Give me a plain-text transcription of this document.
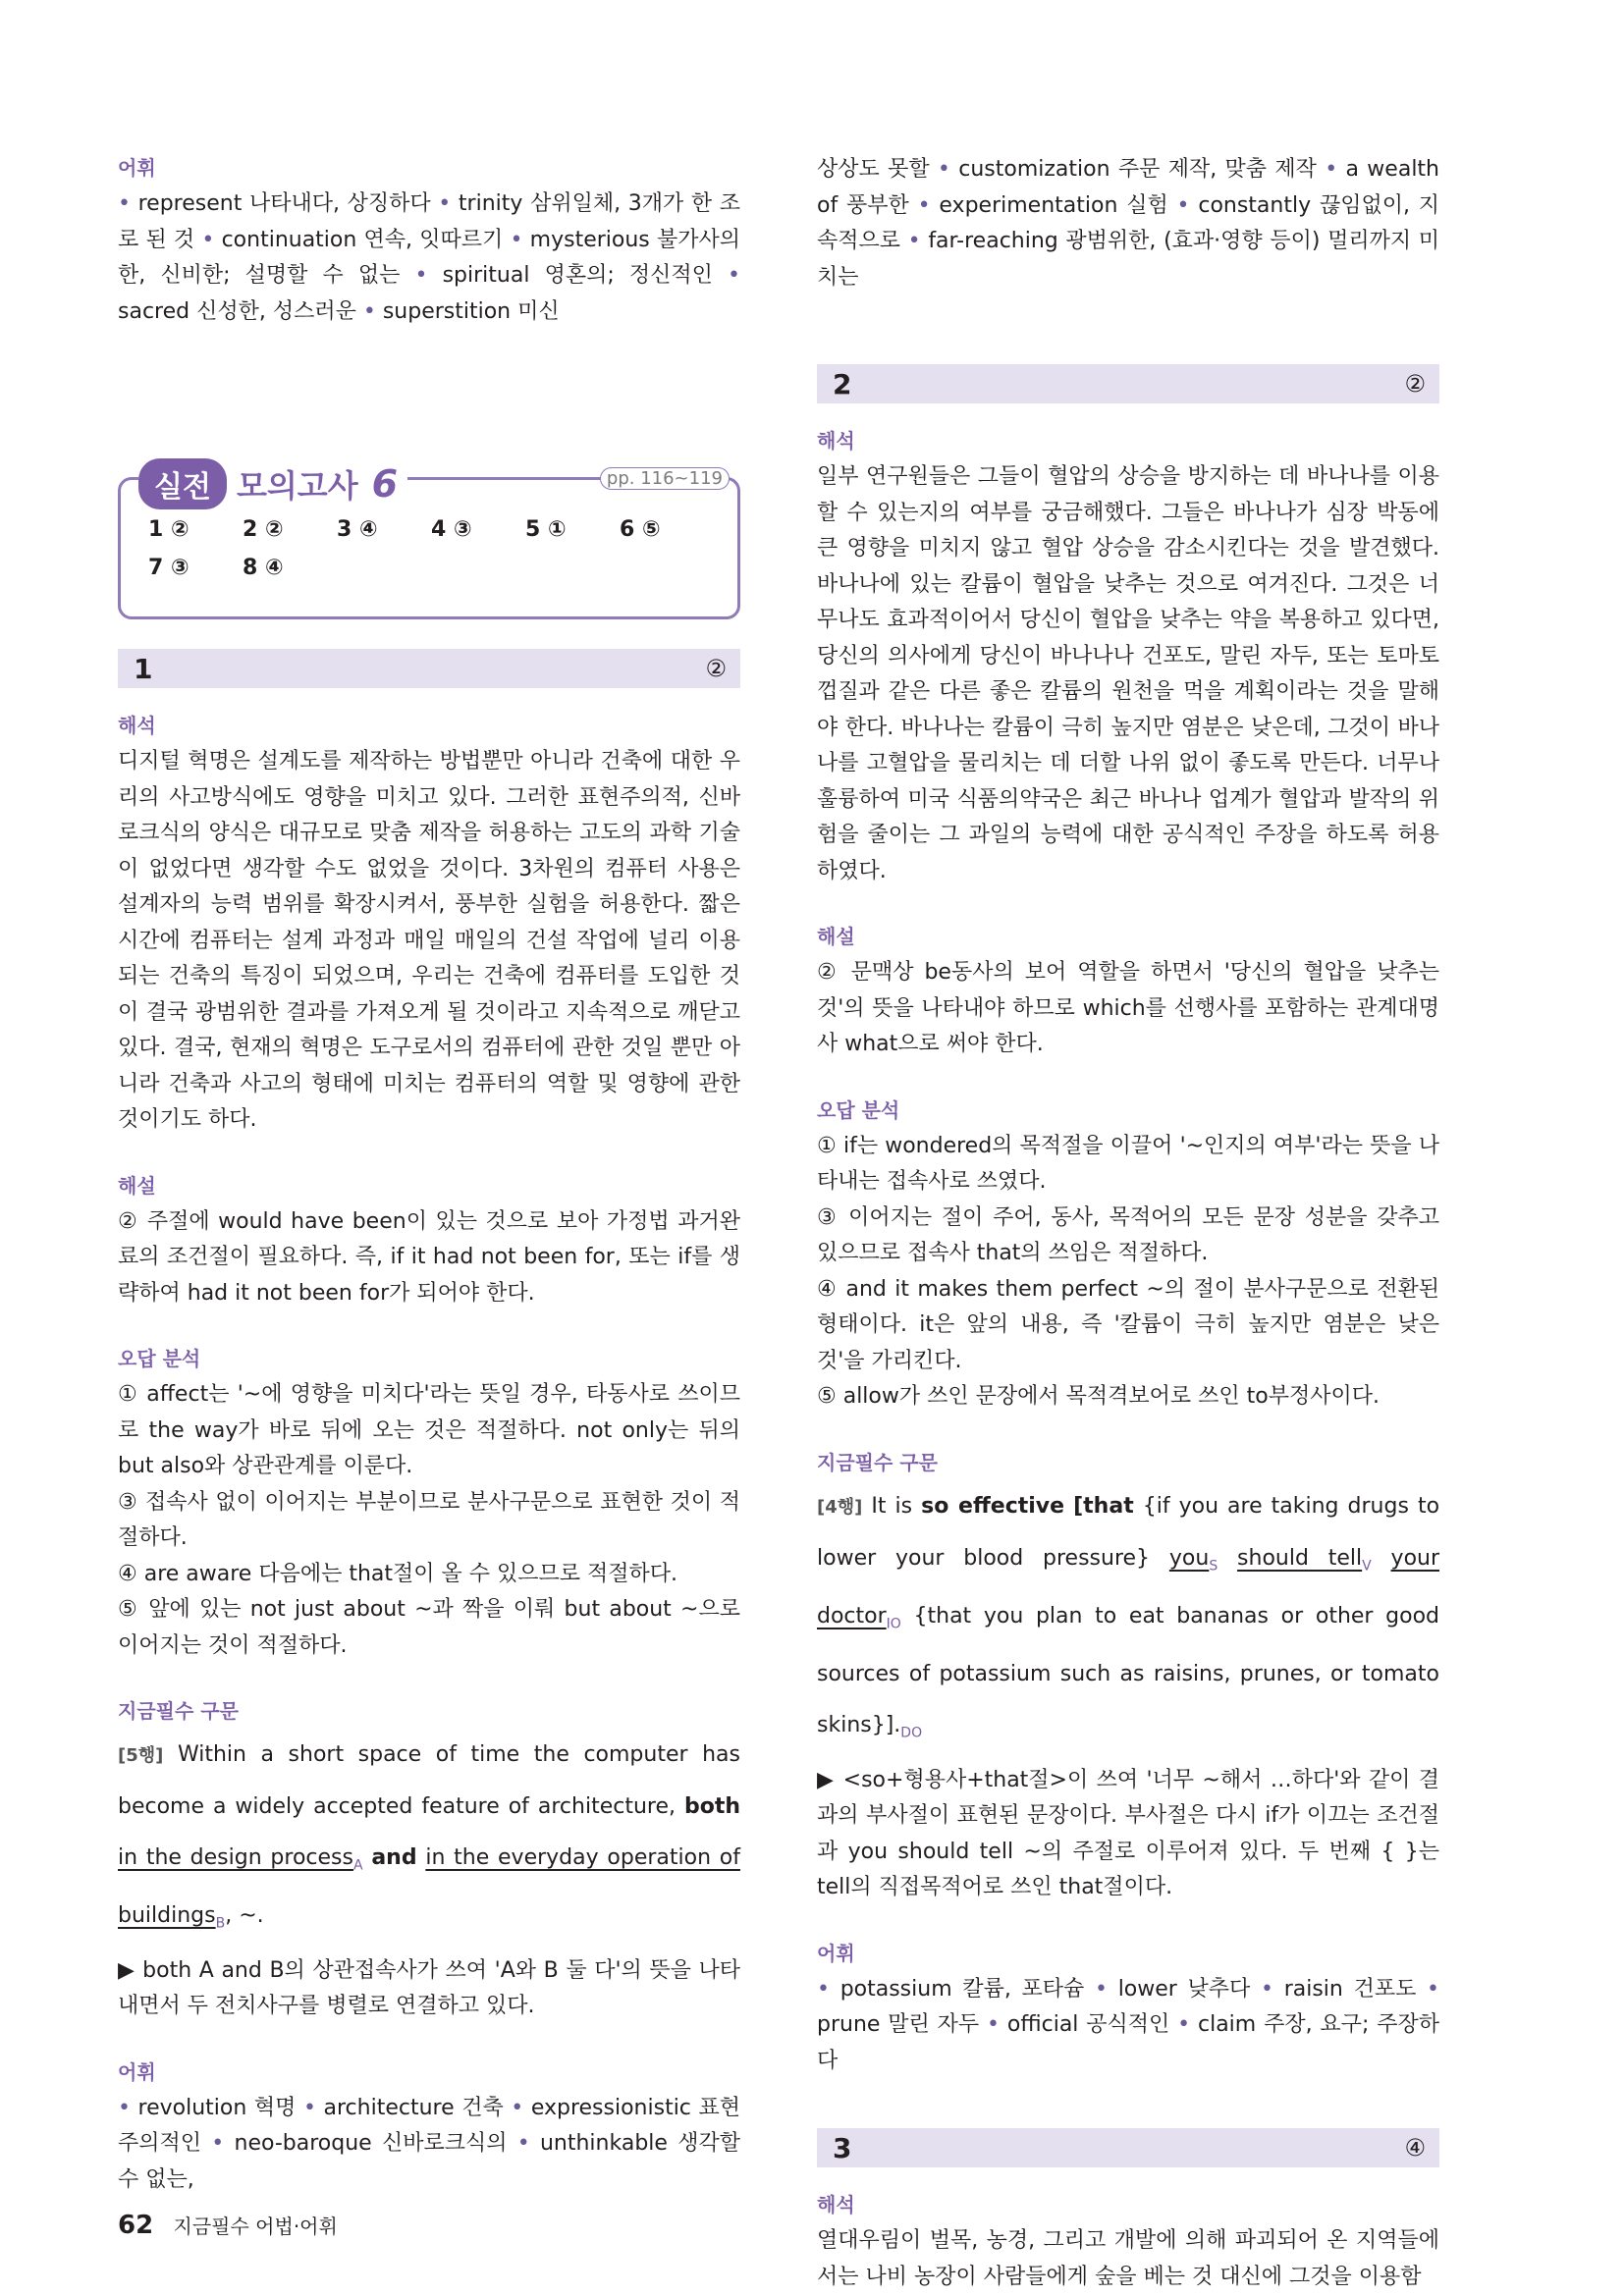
어휘

• represent 나타내다, 상징하다 • trinity 삼위일체, 3개가 한 조로 된 것 • continuation 연속, 잇따르기 • mysterious 불가사의한, 신비한; 설명할 수 없는 • spiritual 영혼의; 정신적인 • sacred 신성한, 성스러운 • superstition 미신

실전 모의고사 6	pp. 116~119
1 ②	2 ②	3 ④	4 ③	5 ①	6 ⑤
7 ③	8 ④
1	②

해석

디지털 혁명은 설계도를 제작하는 방법뿐만 아니라 건축에 대한 우리의 사고방식에도 영향을 미치고 있다. 그러한 표현주의적, 신바로크식의 양식은 대규모로 맞춤 제작을 허용하는 고도의 과학 기술이 없었다면 생각할 수도 없었을 것이다. 3차원의 컴퓨터 사용은 설계자의 능력 범위를 확장시켜서, 풍부한 실험을 허용한다. 짧은 시간에 컴퓨터는 설계 과정과 매일 매일의 건설 작업에 널리 이용되는 건축의 특징이 되었으며, 우리는 건축에 컴퓨터를 도입한 것이 결국 광범위한 결과를 가져오게 될 것이라고 지속적으로 깨닫고 있다. 결국, 현재의 혁명은 도구로서의 컴퓨터에 관한 것일 뿐만 아니라 건축과 사고의 형태에 미치는 컴퓨터의 역할 및 영향에 관한 것이기도 하다.

해설

② 주절에 would have been이 있는 것으로 보아 가정법 과거완료의 조건절이 필요하다. 즉, if it had not been for, 또는 if를 생략하여 had it not been for가 되어야 한다.

오답 분석

① affect는 '~에 영향을 미치다'라는 뜻일 경우, 타동사로 쓰이므로 the way가 바로 뒤에 오는 것은 적절하다. not only는 뒤의 but also와 상관관계를 이룬다.

③ 접속사 없이 이어지는 부분이므로 분사구문으로 표현한 것이 적절하다.

④ are aware 다음에는 that절이 올 수 있으므로 적절하다.

⑤ 앞에 있는 not just about ~과 짝을 이뤄 but about ~으로 이어지는 것이 적절하다.

지금필수 구문

[5행] Within a short space of time the computer has become a widely accepted feature of architecture, both in the design process$_A$ and in the everyday operation of buildings$_B$, ~.

▶ both A and B의 상관접속사가 쓰여 'A와 B 둘 다'의 뜻을 나타내면서 두 전치사구를 병렬로 연결하고 있다.

어휘

• revolution 혁명 • architecture 건축 • expressionistic 표현주의적인 • neo-baroque 신바로크식의 • unthinkable 생각할 수 없는,

상상도 못할 • customization 주문 제작, 맞춤 제작 • a wealth of 풍부한 • experimentation 실험 • constantly 끊임없이, 지속적으로 • far-reaching 광범위한, (효과·영향 등이) 멀리까지 미치는

2	②

해석

일부 연구원들은 그들이 혈압의 상승을 방지하는 데 바나나를 이용할 수 있는지의 여부를 궁금해했다. 그들은 바나나가 심장 박동에 큰 영향을 미치지 않고 혈압 상승을 감소시킨다는 것을 발견했다. 바나나에 있는 칼륨이 혈압을 낮추는 것으로 여겨진다. 그것은 너무나도 효과적이어서 당신이 혈압을 낮추는 약을 복용하고 있다면, 당신의 의사에게 당신이 바나나나 건포도, 말린 자두, 또는 토마토 껍질과 같은 다른 좋은 칼륨의 원천을 먹을 계획이라는 것을 말해야 한다. 바나나는 칼륨이 극히 높지만 염분은 낮은데, 그것이 바나나를 고혈압을 물리치는 데 더할 나위 없이 좋도록 만든다. 너무나 훌륭하여 미국 식품의약국은 최근 바나나 업계가 혈압과 발작의 위험을 줄이는 그 과일의 능력에 대한 공식적인 주장을 하도록 허용하였다.

해설

② 문맥상 be동사의 보어 역할을 하면서 '당신의 혈압을 낮추는 것'의 뜻을 나타내야 하므로 which를 선행사를 포함하는 관계대명사 what으로 써야 한다.

오답 분석

① if는 wondered의 목적절을 이끌어 '~인지의 여부'라는 뜻을 나타내는 접속사로 쓰였다.

③ 이어지는 절이 주어, 동사, 목적어의 모든 문장 성분을 갖추고 있으므로 접속사 that의 쓰임은 적절하다.

④ and it makes them perfect ~의 절이 분사구문으로 전환된 형태이다. it은 앞의 내용, 즉 '칼륨이 극히 높지만 염분은 낮은 것'을 가리킨다.

⑤ allow가 쓰인 문장에서 목적격보어로 쓰인 to부정사이다.

지금필수 구문

[4행] It is so effective [that {if you are taking drugs to lower your blood pressure} you$_S$ should tell$_V$ your doctor$_{IO}$ {that you plan to eat bananas or other good sources of potassium such as raisins, prunes, or tomato $skins\}]._{DO}$

▶ <so+형용사+that절>이 쓰여 '너무 ~해서 …하다'와 같이 결과의 부사절이 표현된 문장이다. 부사절은 다시 if가 이끄는 조건절과 you should tell ~의 주절로 이루어져 있다. 두 번째 { }는 tell의 직접목적어로 쓰인 that절이다.

어휘

• potassium 칼륨, 포타슘 • lower 낮추다 • raisin 건포도 • prune 말린 자두 • official 공식적인 • claim 주장, 요구; 주장하다

3	④

해석

열대우림이 벌목, 농경, 그리고 개발에 의해 파괴되어 온 지역들에서는 나비 농장이 사람들에게 숲을 베는 것 대신에 그것을 이용함

62 지금필수 어법·어휘
